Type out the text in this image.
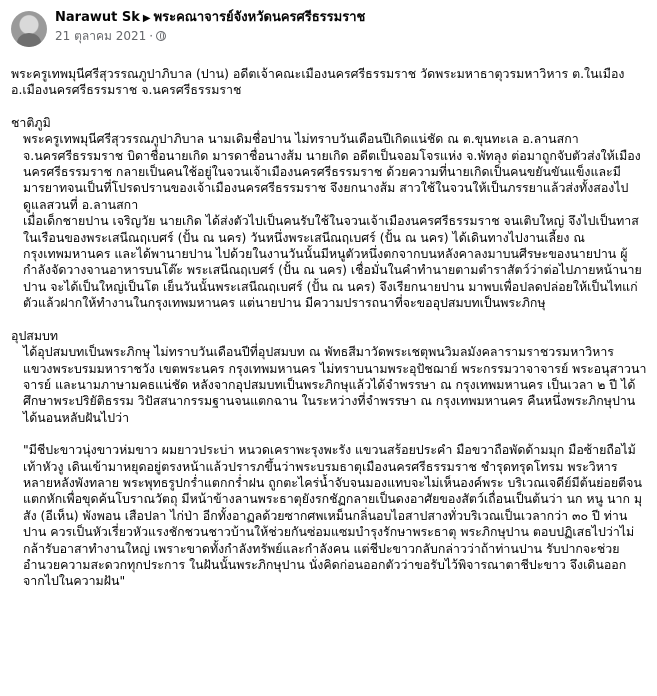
Narawut Sk ▶ พระคณาจารย์จังหวัดนครศรีธรรมราช
21 ตุลาคม 2021 ·

พระครูเทพมุนีศรีสุวรรณภูปาภิบาล (ปาน) อดีตเจ้าคณะเมืองนครศรีธรรมราช วัดพระมหาธาตุวรมหาวิหาร ต.ในเมือง อ.เมืองนครศรีธรรมราช จ.นครศรีธรรมราช

ชาติภูมิ

พระครูเทพมุนีศรีสุวรรณภูปาภิบาล นามเดิมชื่อปาน ไม่ทราบวันเดือนปีเกิดแน่ชัด ณ ต.ขุนทะเล อ.ลานสกา จ.นครศรีธรรมราช บิดาชื่อนายเกิด มารดาชื่อนางส้ม นายเกิด อดีตเป็นจอมโจรแห่ง จ.พัทลุง ต่อมาถูกจับตัวส่งให้เมืองนครศรีธรรมราช กลายเป็นคนใช้อยู่ในจวนเจ้าเมืองนครศรีธรรมราช ด้วยความที่นายเกิดเป็นคนขยันขันแข็งและมีมารยาทจนเป็นที่โปรดปรานของเจ้าเมืองนครศรีธรรมราช จึงยกนางส้ม สาวใช้ในจวนให้เป็นภรรยาแล้วส่งทั้งสองไปดูแลสวนที่ อ.ลานสกา

เมื่อเด็กชายปาน เจริญวัย นายเกิด ได้ส่งตัวไปเป็นคนรับใช้ในจวนเจ้าเมืองนครศรีธรรมราช จนเติบใหญ่ จึงไปเป็นทาสในเรือนของพระเสนีณฤเบศร์ (ปั้น ณ นคร) วันหนึ่งพระเสนีณฤเบศร์ (ปั้น ณ นคร) ได้เดินทางไปงานเลี้ยง ณ กรุงเทพมหานคร และได้พานายปาน ไปด้วยในงานวันนั้นมีหนูตัวหนึ่งตกจากบนหลังคาลงมาบนศีรษะของนายปาน ผู้กำลังจัดวางจานอาหารบนโต๊ะ พระเสนีณฤเบศร์ (ปั้น ณ นคร) เชื่อมั่นในคำทำนายตามตำราสัตว์ว่าต่อไปภายหน้านายปาน จะได้เป็นใหญ่เป็นโต เย็นวันนั้นพระเสนีณฤเบศร์ (ปั้น ณ นคร) จึงเรียกนายปาน มาพบเพื่อปลดปล่อยให้เป็นไทแก่ตัวแล้วฝากให้ทำงานในกรุงเทพมหานคร แต่นายปาน มีความปรารถนาที่จะขออุปสมบทเป็นพระภิกษุ

อุปสมบท

ได้อุปสมบทเป็นพระภิกษุ ไม่ทราบวันเดือนปีที่อุปสมบท ณ พัทธสีมาวัดพระเชตุพนวิมลมังคลารามราชวรมหาวิหาร แขวงพระบรมมหาราชวัง เขตพระนคร กรุงเทพมหานคร ไม่ทราบนามพระอุปัชฌาย์ พระกรรมวาจาจารย์ พระอนุสาวนาจารย์ และนามภาษามคธแน่ชัด หลังจากอุปสมบทเป็นพระภิกษุแล้วได้จำพรรษา ณ กรุงเทพมหานคร เป็นเวลา ๒ ปี ได้ศึกษาพระปริยัติธรรม วิปัสสนากรรมฐานจนแตกฉาน ในระหว่างที่จำพรรษา ณ กรุงเทพมหานคร คืนหนึ่งพระภิกษุปาน ได้นอนหลับฝันไปว่า

"มีชีปะขาวนุ่งขาวห่มขาว ผมยาวประบ่า หนวดเคราพะรุงพะรัง แขวนสร้อยประคำ มือขวาถือพัดด้ามมุก มือซ้ายถือไม้เท้าหัวงู เดินเข้ามาหยุดอยู่ตรงหน้าแล้วปรารภขึ้นว่าพระบรมธาตุเมืองนครศรีธรรมราช ชำรุดทรุดโทรม พระวิหารหลายหลังพังทลาย พระพุทธรูปกร่ำแตกกร่ำฝน ถูกตะไคร่น้ำจับจนมองแทบจะไม่เห็นองค์พระ บริเวณเจดีย์มีต้นย่อยตีจนแตกหักเพื่อขุดค้นโบราณวัตถุ มีหน้าข้างลานพระธาตุยังรกชัฏกลายเป็นดงอาศัยของสัตว์เถื่อนเป็นต้นว่า นก หนู นาก มุสัง (อีเห็น) พังพอน เสือปลา ไก่ป่า อีกทั้งอาฏลด้วยซากศพเหม็นกลิ่นอบไอสาปสางทั่วบริเวณเป็นเวลากว่า ๓๐ ปี ท่านปาน ควรเป็นหัวเรี่ยวหัวแรงชักชวนชาวบ้านให้ช่วยกันซ่อมแซมบำรุงรักษาพระธาตุ พระภิกษุปาน ตอบปฏิเสธไปว่าไม่กล้ารับอาสาทำงานใหญ่ เพราะขาดทั้งกำลังทรัพย์และกำลังคน แต่ชีปะขาวกลับกล่าวว่าถ้าท่านปาน รับปากจะช่วยอำนวยความสะดวกทุกประการ ในฝันนั้นพระภิกษุปาน นั่งคิดก่อนออกตัวว่าขอรับไว้พิจารณาตาชีปะขาว จึงเดินออกจากไปในความฝัน"
